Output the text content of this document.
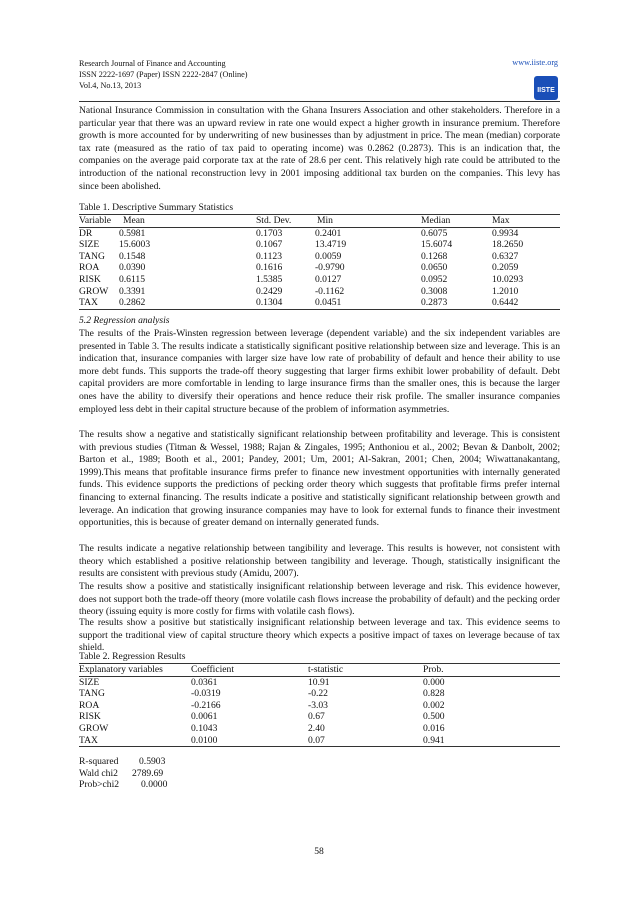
Research Journal of Finance and Accounting
ISSN 2222-1697 (Paper) ISSN 2222-2847 (Online)
Vol.4, No.13, 2013
www.iiste.org
IISTE

National Insurance Commission in consultation with the Ghana Insurers Association and other stakeholders. Therefore in a particular year that there was an upward review in rate one would expect a higher growth in insurance premium. Therefore growth is more accounted for by underwriting of new businesses than by adjustment in price. The mean (median) corporate tax rate (measured as the ratio of tax paid to operating income) was 0.2862 (0.2873). This is an indication that, the companies on the average paid corporate tax at the rate of 28.6 per cent. This relatively high rate could be attributed to the introduction of the national reconstruction levy in 2001 imposing additional tax burden on the companies. This levy has since been abolished.

Table 1. Descriptive Summary Statistics
Variable	Mean	Std. Dev.	Min	Median	Max
DR	0.5981	0.1703	0.2401	0.6075	0.9934
SIZE	15.6003	0.1067	13.4719	15.6074	18.2650
TANG	0.1548	0.1123	0.0059	0.1268	0.6327
ROA	0.0390	0.1616	-0.9790	0.0650	0.2059
RISK	0.6115	1.5385	0.0127	0.0952	10.0293
GROW	0.3391	0.2429	-0.1162	0.3008	1.2010
TAX	0.2862	0.1304	0.0451	0.2873	0.6442
5.2 Regression analysis

The results of the Prais-Winsten regression between leverage (dependent variable) and the six independent variables are presented in Table 3. The results indicate a statistically significant positive relationship between size and leverage. This is an indication that, insurance companies with larger size have low rate of probability of default and hence their ability to use more debt funds. This supports the trade-off theory suggesting that larger firms exhibit lower probability of default. Debt capital providers are more comfortable in lending to large insurance firms than the smaller ones, this is because the larger ones have the ability to diversify their operations and hence reduce their risk profile. The smaller insurance companies employed less debt in their capital structure because of the problem of information asymmetries.

The results show a negative and statistically significant relationship between profitability and leverage. This is consistent with previous studies (Titman & Wessel, 1988; Rajan & Zingales, 1995; Anthoniou et al., 2002; Bevan & Danbolt, 2002; Barton et al., 1989; Booth et al., 2001; Pandey, 2001; Um, 2001; Al-Sakran, 2001; Chen, 2004; Wiwattanakantang, 1999).This means that profitable insurance firms prefer to finance new investment opportunities with internally generated funds. This evidence supports the predictions of pecking order theory which suggests that profitable firms prefer internal financing to external financing. The results indicate a positive and statistically significant relationship between growth and leverage. An indication that growing insurance companies may have to look for external funds to finance their investment opportunities, this is because of greater demand on internally generated funds.

The results indicate a negative relationship between tangibility and leverage. This results is however, not consistent with theory which established a positive relationship between tangibility and leverage. Though, statistically insignificant the results are consistent with previous study (Amidu, 2007).

The results show a positive and statistically insignificant relationship between leverage and risk. This evidence however, does not support both the trade-off theory (more volatile cash flows increase the probability of default) and the pecking order theory (issuing equity is more costly for firms with volatile cash flows).

The results show a positive but statistically insignificant relationship between leverage and tax. This evidence seems to support the traditional view of capital structure theory which expects a positive impact of taxes on leverage because of tax shield.

Table 2. Regression Results
Explanatory variables	Coefficient	t-statistic	Prob.
SIZE	0.0361	10.91	0.000
TANG	-0.0319	-0.22	0.828
ROA	-0.2166	-3.03	0.002
RISK	0.0061	0.67	0.500
GROW	0.1043	2.40	0.016
TAX	0.0100	0.07	0.941
R-squared 0.5903
Wald chi2 2789.69
Prob>chi2 0.0000
58
